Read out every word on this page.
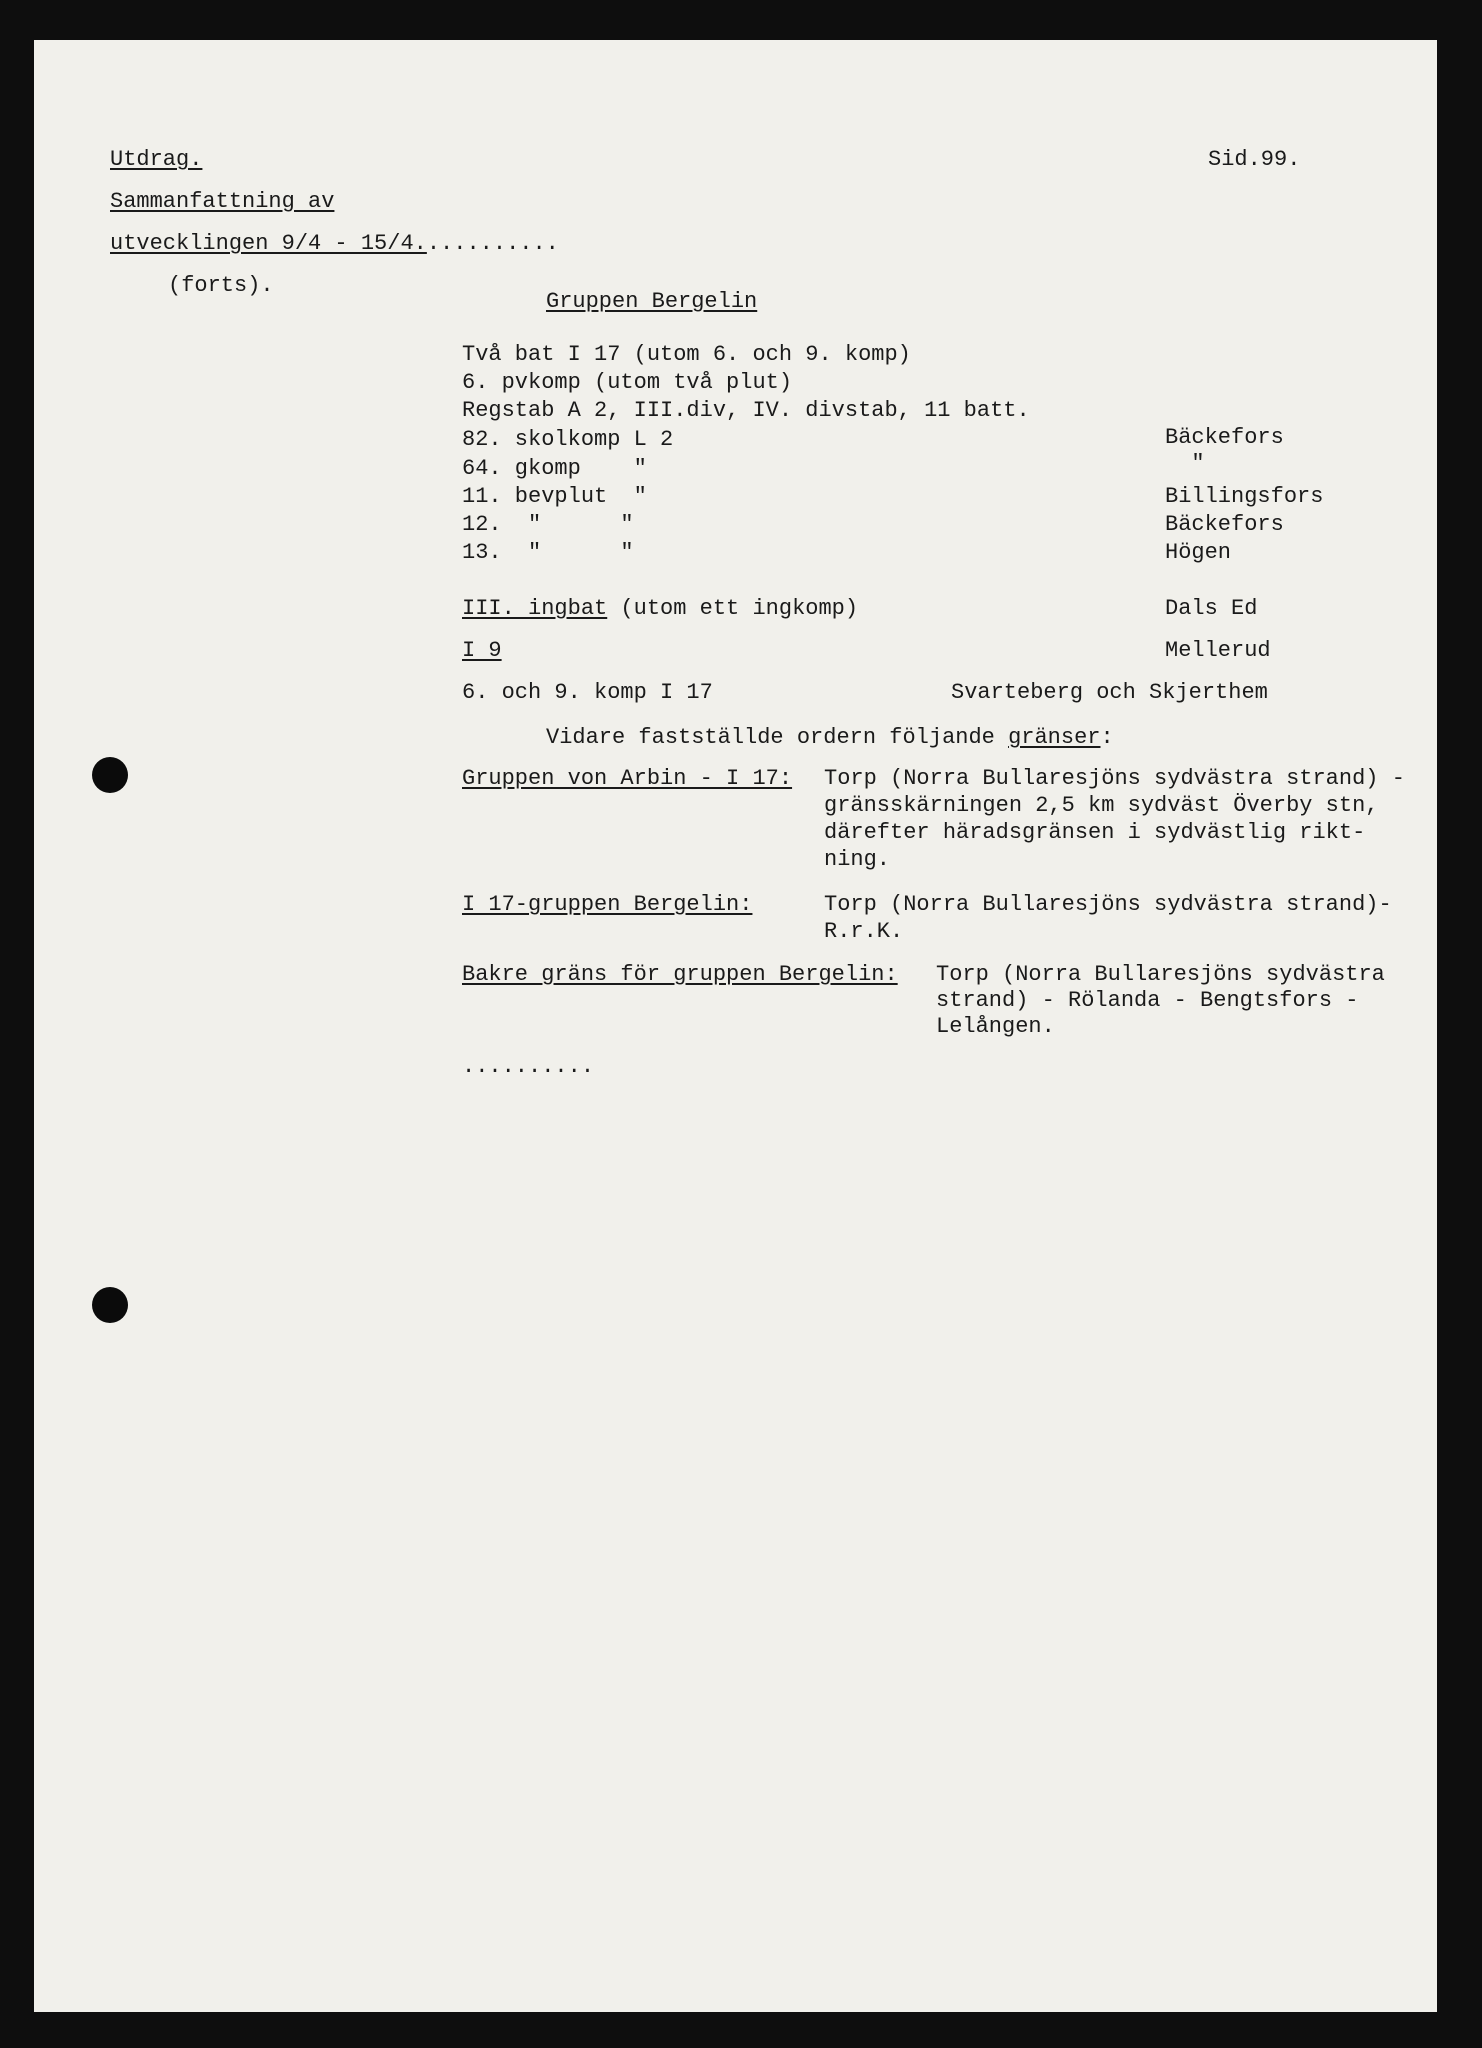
Utdrag.	Sid.99.
Sammanfattning av
utvecklingen 9/4 - 15/4...........
(forts).
Gruppen Bergelin
Två bat I 17 (utom 6. och 9. komp)
6. pvkomp (utom två plut)
Regstab A 2, III.div, IV. divstab, 11 batt.
82. skolkomp L 2	Bäckefors
64. gkomp    "	"
11. bevplut  "	Billingsfors
12.  "      "	Bäckefors
13.  "      "	Högen
III. ingbat (utom ett ingkomp)	Dals Ed
I 9	Mellerud
6. och 9. komp I 17	Svarteberg och Skjerthem
Vidare fastställde ordern följande gränser:
Gruppen von Arbin - I 17: Torp (Norra Bullaresjöns sydvästra strand) -
gränsskärningen 2,5 km sydväst Överby stn,
därefter häradsgränsen i sydvästlig rikt-
ning.
I 17-gruppen Bergelin:	Torp (Norra Bullaresjöns sydvästra strand)-
R.r.K.
Bakre gräns för gruppen Bergelin: Torp (Norra Bullaresjöns sydvästra
strand) - Rölanda - Bengtsfors -
Lelången.
..........
